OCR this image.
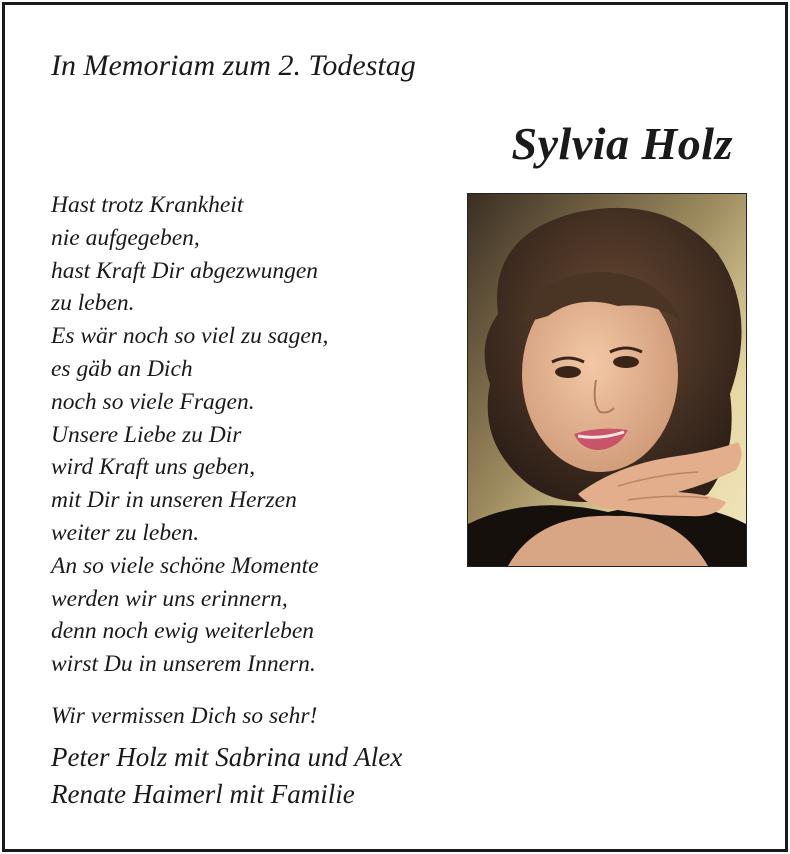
In Memoriam zum 2. Todestag
Sylvia Holz
Hast trotz Krankheit
nie aufgegeben,
hast Kraft Dir abgezwungen
zu leben.
Es wär noch so viel zu sagen,
es gäb an Dich
noch so viele Fragen.
Unsere Liebe zu Dir
wird Kraft uns geben,
mit Dir in unseren Herzen
weiter zu leben.
An so viele schöne Momente
werden wir uns erinnern,
denn noch ewig weiterleben
wirst Du in unserem Innern.
Wir vermissen Dich so sehr!
Peter Holz mit Sabrina und Alex
Renate Haimerl mit Familie
